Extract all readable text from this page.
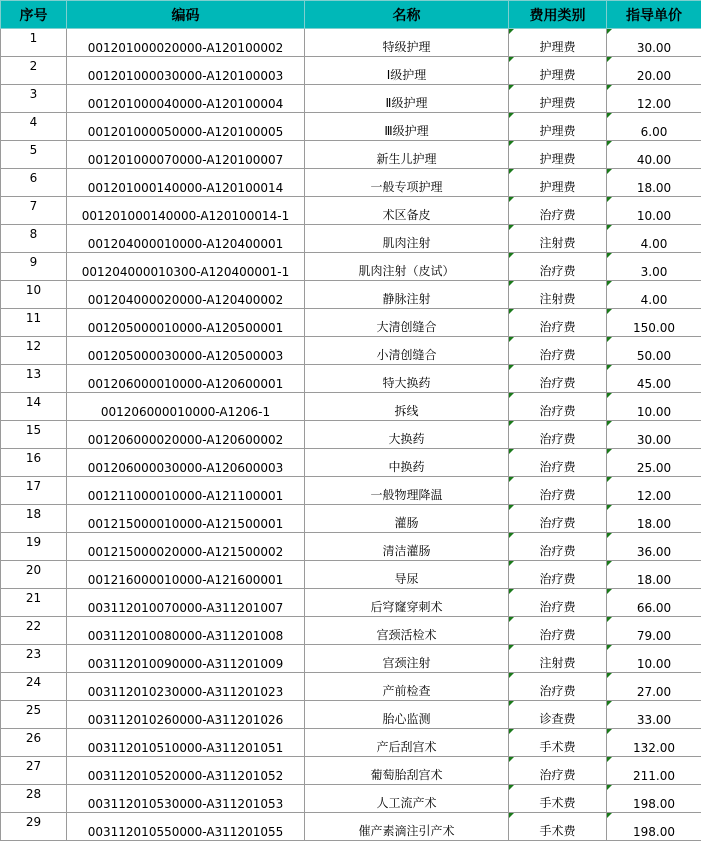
序号	编码	名称	费用类别	指导单价
1	001201000020000-A120100002	特级护理	护理费	30.00
2	001201000030000-A120100003	Ⅰ级护理	护理费	20.00
3	001201000040000-A120100004	Ⅱ级护理	护理费	12.00
4	001201000050000-A120100005	Ⅲ级护理	护理费	6.00
5	001201000070000-A120100007	新生儿护理	护理费	40.00
6	001201000140000-A120100014	一般专项护理	护理费	18.00
7	001201000140000-A120100014-1	术区备皮	治疗费	10.00
8	001204000010000-A120400001	肌肉注射	注射费	4.00
9	001204000010300-A120400001-1	肌肉注射（皮试）	治疗费	3.00
10	001204000020000-A120400002	静脉注射	注射费	4.00
11	001205000010000-A120500001	大清创缝合	治疗费	150.00
12	001205000030000-A120500003	小清创缝合	治疗费	50.00
13	001206000010000-A120600001	特大换药	治疗费	45.00
14	001206000010000-A1206-1	拆线	治疗费	10.00
15	001206000020000-A120600002	大换药	治疗费	30.00
16	001206000030000-A120600003	中换药	治疗费	25.00
17	001211000010000-A121100001	一般物理降温	治疗费	12.00
18	001215000010000-A121500001	灌肠	治疗费	18.00
19	001215000020000-A121500002	清洁灌肠	治疗费	36.00
20	001216000010000-A121600001	导尿	治疗费	18.00
21	003112010070000-A311201007	后穹窿穿刺术	治疗费	66.00
22	003112010080000-A311201008	宫颈活检术	治疗费	79.00
23	003112010090000-A311201009	宫颈注射	注射费	10.00
24	003112010230000-A311201023	产前检查	治疗费	27.00
25	003112010260000-A311201026	胎心监测	诊查费	33.00
26	003112010510000-A311201051	产后刮宫术	手术费	132.00
27	003112010520000-A311201052	葡萄胎刮宫术	治疗费	211.00
28	003112010530000-A311201053	人工流产术	手术费	198.00
29	003112010550000-A311201055	催产素滴注引产术	手术费	198.00
